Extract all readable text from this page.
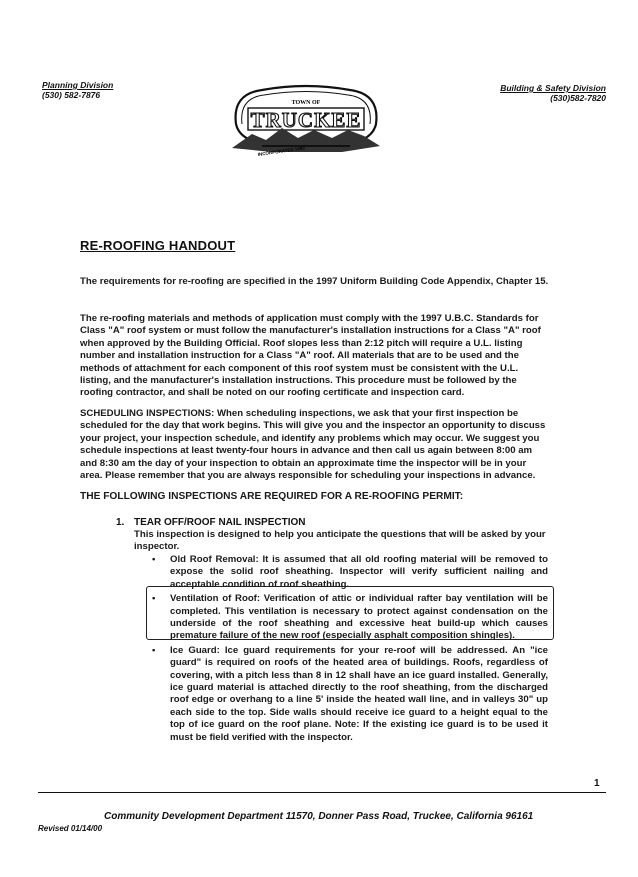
Planning Division
(530) 582-7876
Building & Safety Division
(530)582-7820
TOWN OF
TRUCKEE
INCORPORATED 1993
RE-ROOFING HANDOUT
The requirements for re-roofing are specified in the 1997 Uniform Building Code Appendix, Chapter 15.
The re-roofing materials and methods of application must comply with the 1997 U.B.C. Standards for Class "A" roof system or must follow the manufacturer's installation instructions for a Class "A" roof when approved by the Building Official. Roof slopes less than 2:12 pitch will require a U.L. listing number and installation instruction for a Class "A" roof. All materials that are to be used and the methods of attachment for each component of this roof system must be consistent with the U.L. listing, and the manufacturer's installation instructions. This procedure must be followed by the roofing contractor, and shall be noted on our roofing certificate and inspection card.
SCHEDULING INSPECTIONS: When scheduling inspections, we ask that your first inspection be scheduled for the day that work begins. This will give you and the inspector an opportunity to discuss your project, your inspection schedule, and identify any problems which may occur. We suggest you schedule inspections at least twenty-four hours in advance and then call us again between 8:00 am and 8:30 am the day of your inspection to obtain an approximate time the inspector will be in your area. Please remember that you are always responsible for scheduling your inspections in advance.
THE FOLLOWING INSPECTIONS ARE REQUIRED FOR A RE-ROOFING PERMIT:
1. TEAR OFF/ROOF NAIL INSPECTION
This inspection is designed to help you anticipate the questions that will be asked by your inspector.
• Old Roof Removal: It is assumed that all old roofing material will be removed to expose the solid roof sheathing. Inspector will verify sufficient nailing and acceptable condition of roof sheathing.
• Ventilation of Roof: Verification of attic or individual rafter bay ventilation will be completed. This ventilation is necessary to protect against condensation on the underside of the roof sheathing and excessive heat build-up which causes premature failure of the new roof (especially asphalt composition shingles).
• Ice Guard: Ice guard requirements for your re-roof will be addressed. An "ice guard" is required on roofs of the heated area of buildings. Roofs, regardless of covering, with a pitch less than 8 in 12 shall have an ice guard installed. Generally, ice guard material is attached directly to the roof sheathing, from the discharged roof edge or overhang to a line 5' inside the heated wall line, and in valleys 30" up each side to the top. Side walls should receive ice guard to a height equal to the top of ice guard on the roof plane. Note: If the existing ice guard is to be used it must be field verified with the inspector.
1
Community Development Department 11570, Donner Pass Road, Truckee, California 96161
Revised 01/14/00
